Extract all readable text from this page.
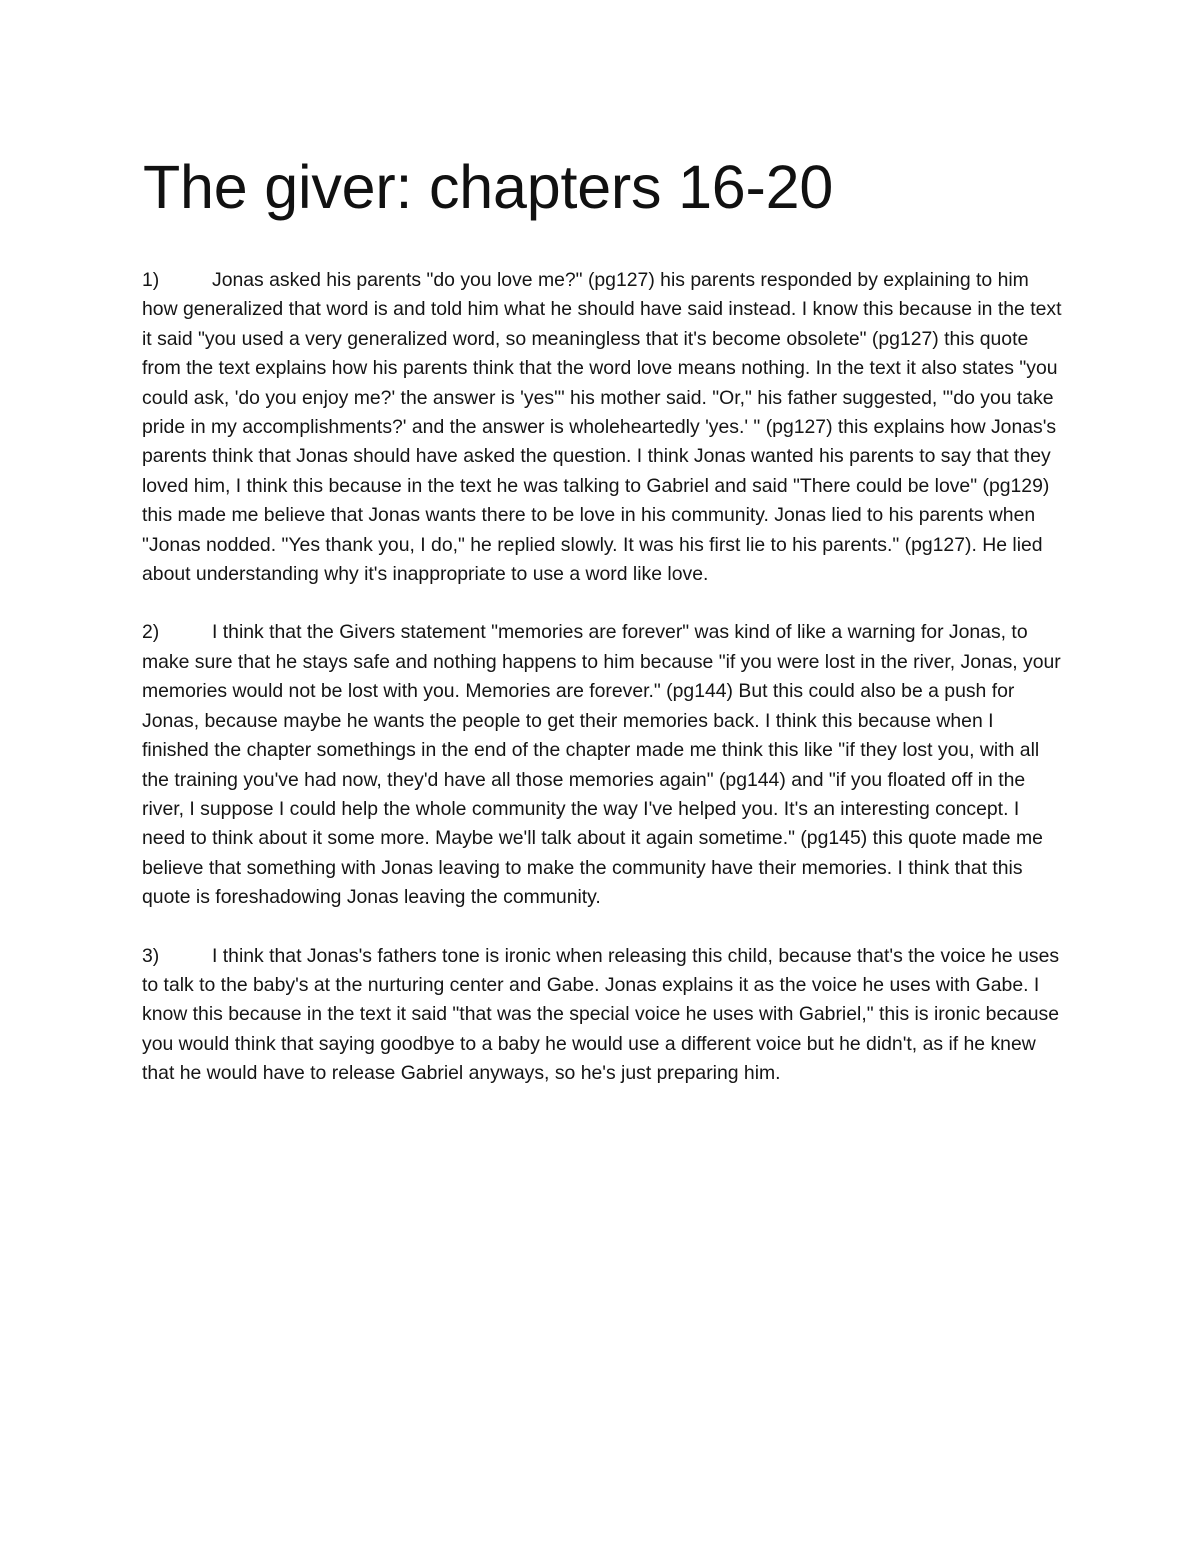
The giver: chapters 16-20

1)	Jonas asked his parents "do you love me?" (pg127) his parents responded by explaining to him how generalized that word is and told him what he should have said instead. I know this because in the text it said "you used a very generalized word, so meaningless that it's become obsolete" (pg127) this quote from the text explains how his parents think that the word love means nothing. In the text it also states "you could ask, 'do you enjoy me?' the answer is 'yes'" his mother said. "Or," his father suggested, "'do you take pride in my accomplishments?' and the answer is wholeheartedly 'yes.' " (pg127) this explains how Jonas's parents think that Jonas should have asked the question. I think Jonas wanted his parents to say that they loved him, I think this because in the text he was talking to Gabriel and said "There could be love" (pg129) this made me believe that Jonas wants there to be love in his community. Jonas lied to his parents when "Jonas nodded. "Yes thank you, I do," he replied slowly. It was his first lie to his parents." (pg127). He lied about understanding why it's inappropriate to use a word like love.

2)	I think that the Givers statement "memories are forever" was kind of like a warning for Jonas, to make sure that he stays safe and nothing happens to him because "if you were lost in the river, Jonas, your memories would not be lost with you. Memories are forever." (pg144) But this could also be a push for Jonas, because maybe he wants the people to get their memories back. I think this because when I finished the chapter somethings in the end of the chapter made me think this like "if they lost you, with all the training you've had now, they'd have all those memories again" (pg144) and "if you floated off in the river, I suppose I could help the whole community the way I've helped you. It's an interesting concept. I need to think about it some more. Maybe we'll talk about it again sometime." (pg145) this quote made me believe that something with Jonas leaving to make the community have their memories. I think that this quote is foreshadowing Jonas leaving the community.

3)	I think that Jonas's fathers tone is ironic when releasing this child, because that's the voice he uses to talk to the baby's at the nurturing center and Gabe. Jonas explains it as the voice he uses with Gabe. I know this because in the text it said "that was the special voice he uses with Gabriel," this is ironic because you would think that saying goodbye to a baby he would use a different voice but he didn't, as if he knew that he would have to release Gabriel anyways, so he's just preparing him.
